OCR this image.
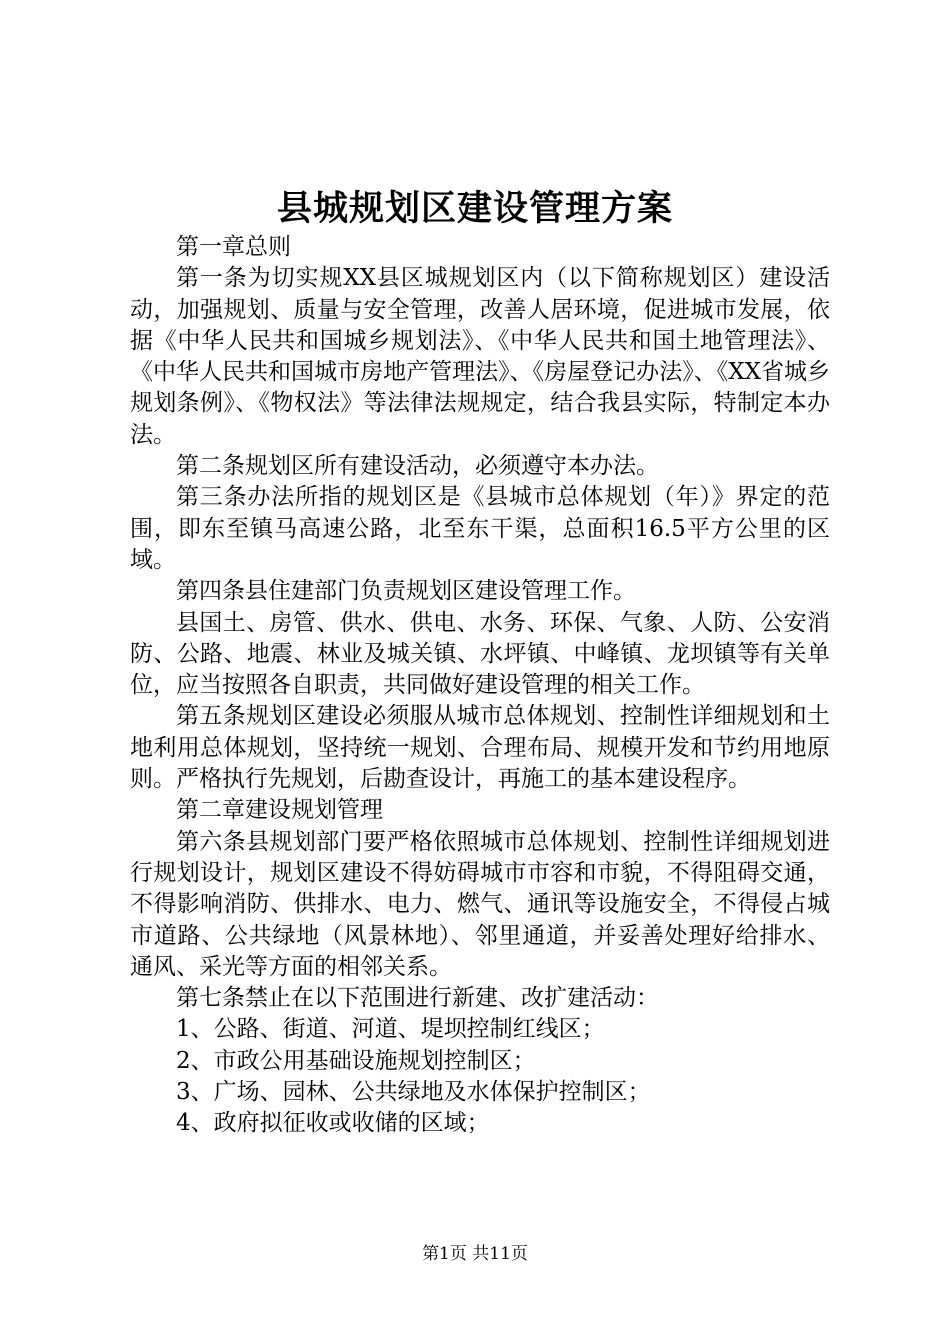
县城规划区建设管理方案

第一章总则

第一条为切实规XX县区城规划区内（以下简称规划区）建设活动，加强规划、质量与安全管理，改善人居环境，促进城市发展，依据《中华人民共和国城乡规划法》、《中华人民共和国土地管理法》、《中华人民共和国城市房地产管理法》、《房屋登记办法》、《XX省城乡规划条例》、《物权法》等法律法规规定，结合我县实际，特制定本办法。

第二条规划区所有建设活动，必须遵守本办法。

第三条办法所指的规划区是《县城市总体规划（年）》界定的范围，即东至镇马高速公路，北至东干渠，总面积16.5平方公里的区域。

第四条县住建部门负责规划区建设管理工作。

县国土、房管、供水、供电、水务、环保、气象、人防、公安消防、公路、地震、林业及城关镇、水坪镇、中峰镇、龙坝镇等有关单位，应当按照各自职责，共同做好建设管理的相关工作。

第五条规划区建设必须服从城市总体规划、控制性详细规划和土地利用总体规划，坚持统一规划、合理布局、规模开发和节约用地原则。严格执行先规划，后勘查设计，再施工的基本建设程序。

第二章建设规划管理

第六条县规划部门要严格依照城市总体规划、控制性详细规划进行规划设计，规划区建设不得妨碍城市市容和市貌，不得阻碍交通，不得影响消防、供排水、电力、燃气、通讯等设施安全，不得侵占城市道路、公共绿地（风景林地）、邻里通道，并妥善处理好给排水、通风、采光等方面的相邻关系。

第七条禁止在以下范围进行新建、改扩建活动：

1、公路、街道、河道、堤坝控制红线区；

2、市政公用基础设施规划控制区；

3、广场、园林、公共绿地及水体保护控制区；

4、政府拟征收或收储的区域；

第1页 共11页
